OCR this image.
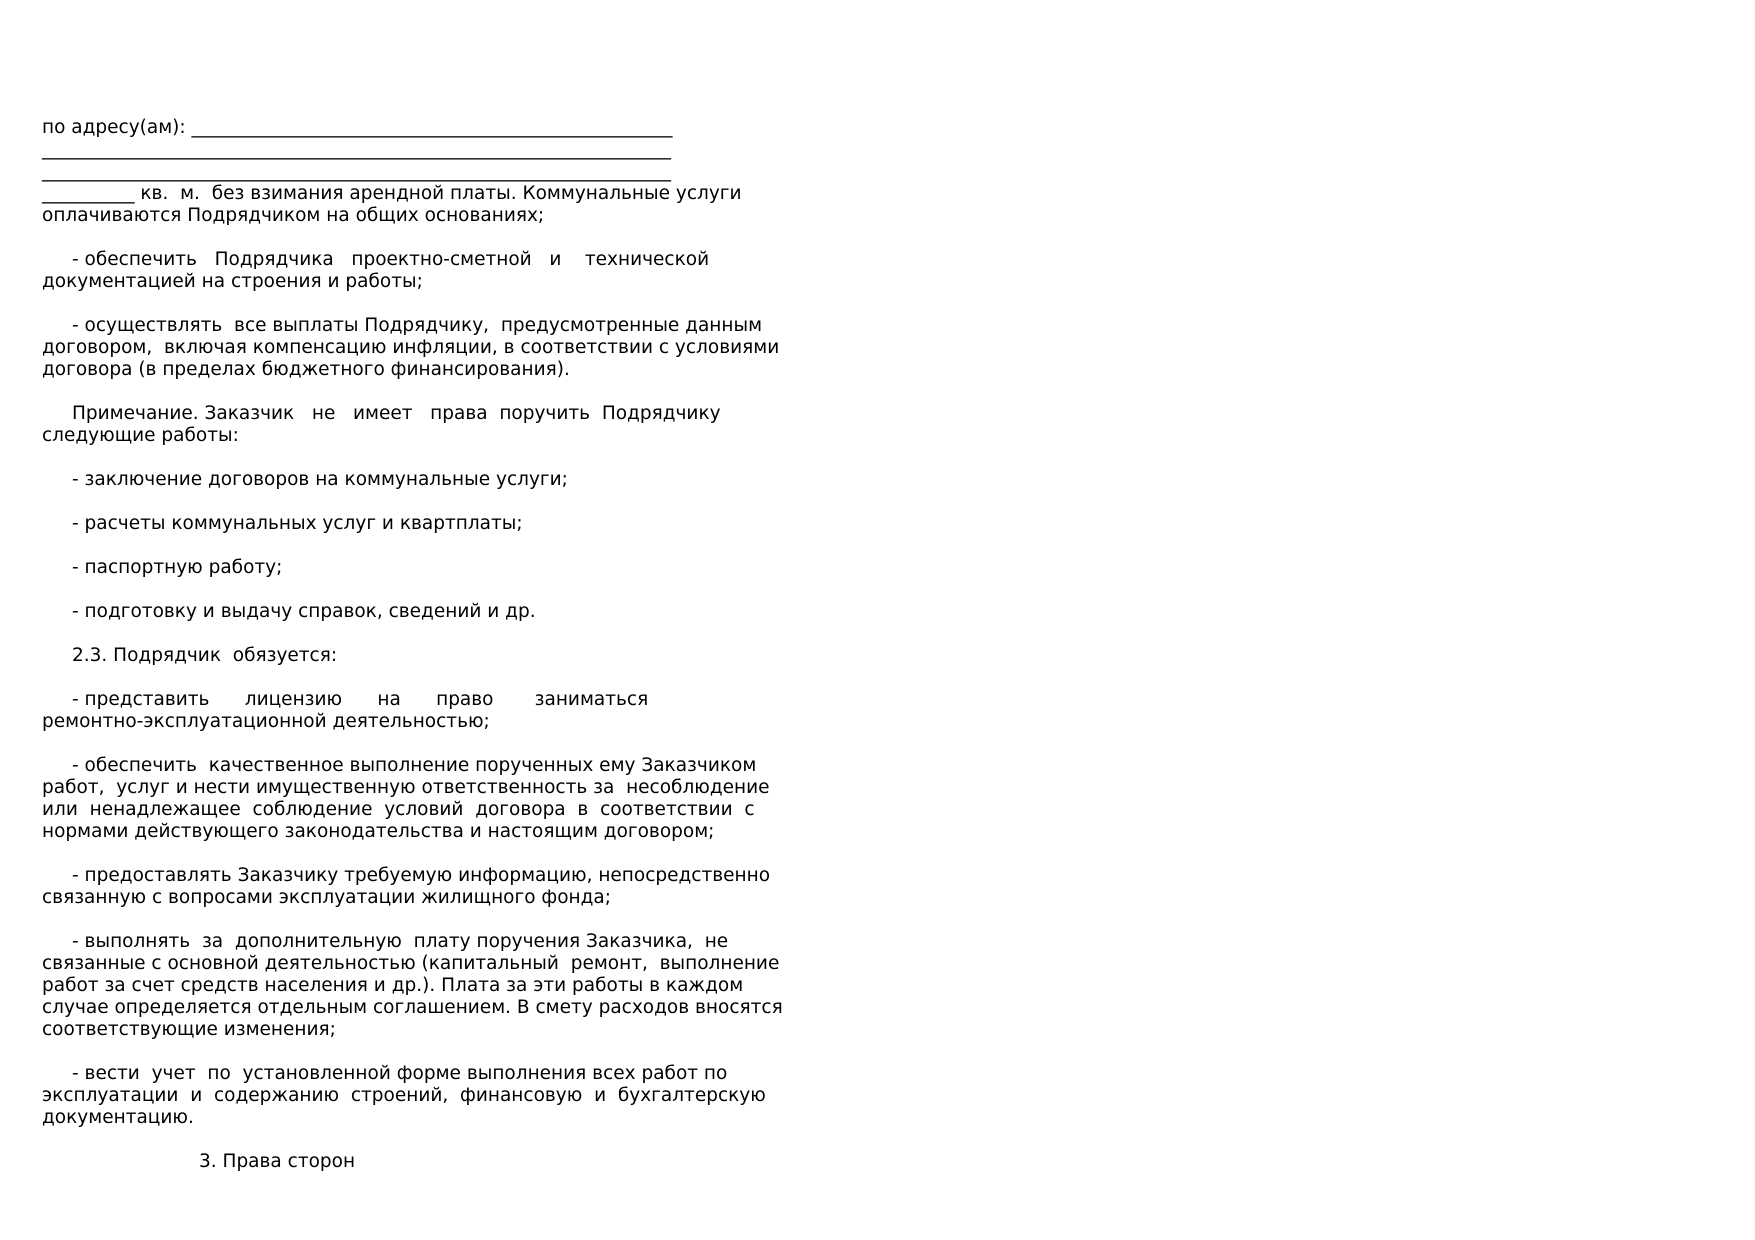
по адресу(ам): ____________________________________________________
____________________________________________________________________
____________________________________________________________________
__________ кв.  м.  без взимания арендной платы. Коммунальные услуги
оплачиваются Подрядчиком на общих основаниях;
- обеспечить   Подрядчика   проектно-сметной   и    технической
документацией на строения и работы;
- осуществлять  все выплаты Подрядчику,  предусмотренные данным
договором,  включая компенсацию инфляции, в соответствии с условиями
договора (в пределах бюджетного финансирования).
Примечание. Заказчик   не   имеет   права  поручить  Подрядчику
следующие работы:
- заключение договоров на коммунальные услуги;
- расчеты коммунальных услуг и квартплаты;
- паспортную работу;
- подготовку и выдачу справок, сведений и др.
2.3. Подрядчик  обязуется:
- представить      лицензию      на      право       заниматься
ремонтно-эксплуатационной деятельностью;
- обеспечить  качественное выполнение порученных ему Заказчиком
работ,  услуг и нести имущественную ответственность за  несоблюдение
или  ненадлежащее  соблюдение  условий  договора  в  соответствии  с
нормами действующего законодательства и настоящим договором;
- предоставлять Заказчику требуемую информацию, непосредственно
связанную с вопросами эксплуатации жилищного фонда;
- выполнять  за  дополнительную  плату поручения Заказчика,  не
связанные с основной деятельностью (капитальный  ремонт,  выполнение
работ за счет средств населения и др.). Плата за эти работы в каждом
случае определяется отдельным соглашением. В смету расходов вносятся
соответствующие изменения;
- вести  учет  по  установленной форме выполнения всех работ по
эксплуатации  и  содержанию  строений,  финансовую  и  бухгалтерскую
документацию.
3. Права сторон
